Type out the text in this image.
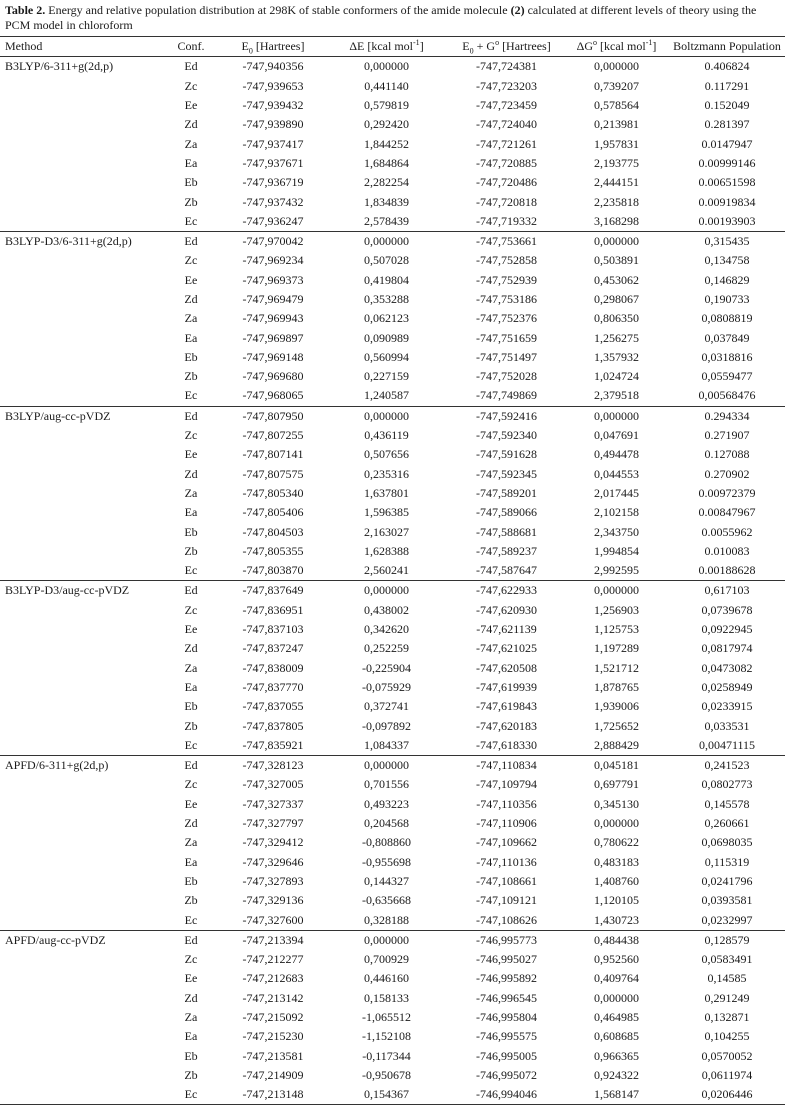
Table 2. Energy and relative population distribution at 298K of stable conformers of the amide molecule (2) calculated at different levels of theory using the PCM model in chloroform
Method	Conf.	$E_0$ [Hartrees]	ΔE [kcal mol$^{-1}$]	$E_0 + G^o$ [Hartrees]	$\Delta G^o$ [kcal mol$^{-1}$]	Boltzmann Population
B3LYP/6-311+g(2d,p)	Ed	-747,940356	0,000000	-747,724381	0,000000	0.406824
	Zc	-747,939653	0,441140	-747,723203	0,739207	0.117291
	Ee	-747,939432	0,579819	-747,723459	0,578564	0.152049
	Zd	-747,939890	0,292420	-747,724040	0,213981	0.281397
	Za	-747,937417	1,844252	-747,721261	1,957831	0.0147947
	Ea	-747,937671	1,684864	-747,720885	2,193775	0.00999146
	Eb	-747,936719	2,282254	-747,720486	2,444151	0.00651598
	Zb	-747,937432	1,834839	-747,720818	2,235818	0.00919834
	Ec	-747,936247	2,578439	-747,719332	3,168298	0.00193903
B3LYP-D3/6-311+g(2d,p)	Ed	-747,970042	0,000000	-747,753661	0,000000	0,315435
	Zc	-747,969234	0,507028	-747,752858	0,503891	0,134758
	Ee	-747,969373	0,419804	-747,752939	0,453062	0,146829
	Zd	-747,969479	0,353288	-747,753186	0,298067	0,190733
	Za	-747,969943	0,062123	-747,752376	0,806350	0,0808819
	Ea	-747,969897	0,090989	-747,751659	1,256275	0,037849
	Eb	-747,969148	0,560994	-747,751497	1,357932	0,0318816
	Zb	-747,969680	0,227159	-747,752028	1,024724	0,0559477
	Ec	-747,968065	1,240587	-747,749869	2,379518	0,00568476
B3LYP/aug-cc-pVDZ	Ed	-747,807950	0,000000	-747,592416	0,000000	0.294334
	Zc	-747,807255	0,436119	-747,592340	0,047691	0.271907
	Ee	-747,807141	0,507656	-747,591628	0,494478	0.127088
	Zd	-747,807575	0,235316	-747,592345	0,044553	0.270902
	Za	-747,805340	1,637801	-747,589201	2,017445	0.00972379
	Ea	-747,805406	1,596385	-747,589066	2,102158	0.00847967
	Eb	-747,804503	2,163027	-747,588681	2,343750	0.0055962
	Zb	-747,805355	1,628388	-747,589237	1,994854	0.010083
	Ec	-747,803870	2,560241	-747,587647	2,992595	0.00188628
B3LYP-D3/aug-cc-pVDZ	Ed	-747,837649	0,000000	-747,622933	0,000000	0,617103
	Zc	-747,836951	0,438002	-747,620930	1,256903	0,0739678
	Ee	-747,837103	0,342620	-747,621139	1,125753	0,0922945
	Zd	-747,837247	0,252259	-747,621025	1,197289	0,0817974
	Za	-747,838009	-0,225904	-747,620508	1,521712	0,0473082
	Ea	-747,837770	-0,075929	-747,619939	1,878765	0,0258949
	Eb	-747,837055	0,372741	-747,619843	1,939006	0,0233915
	Zb	-747,837805	-0,097892	-747,620183	1,725652	0,033531
	Ec	-747,835921	1,084337	-747,618330	2,888429	0,00471115
APFD/6-311+g(2d,p)	Ed	-747,328123	0,000000	-747,110834	0,045181	0,241523
	Zc	-747,327005	0,701556	-747,109794	0,697791	0,0802773
	Ee	-747,327337	0,493223	-747,110356	0,345130	0,145578
	Zd	-747,327797	0,204568	-747,110906	0,000000	0,260661
	Za	-747,329412	-0,808860	-747,109662	0,780622	0,0698035
	Ea	-747,329646	-0,955698	-747,110136	0,483183	0,115319
	Eb	-747,327893	0,144327	-747,108661	1,408760	0,0241796
	Zb	-747,329136	-0,635668	-747,109121	1,120105	0,0393581
	Ec	-747,327600	0,328188	-747,108626	1,430723	0,0232997
APFD/aug-cc-pVDZ	Ed	-747,213394	0,000000	-746,995773	0,484438	0,128579
	Zc	-747,212277	0,700929	-746,995027	0,952560	0,0583491
	Ee	-747,212683	0,446160	-746,995892	0,409764	0,14585
	Zd	-747,213142	0,158133	-746,996545	0,000000	0,291249
	Za	-747,215092	-1,065512	-746,995804	0,464985	0,132871
	Ea	-747,215230	-1,152108	-746,995575	0,608685	0,104255
	Eb	-747,213581	-0,117344	-746,995005	0,966365	0,0570052
	Zb	-747,214909	-0,950678	-746,995072	0,924322	0,0611974
	Ec	-747,213148	0,154367	-746,994046	1,568147	0,0206446
